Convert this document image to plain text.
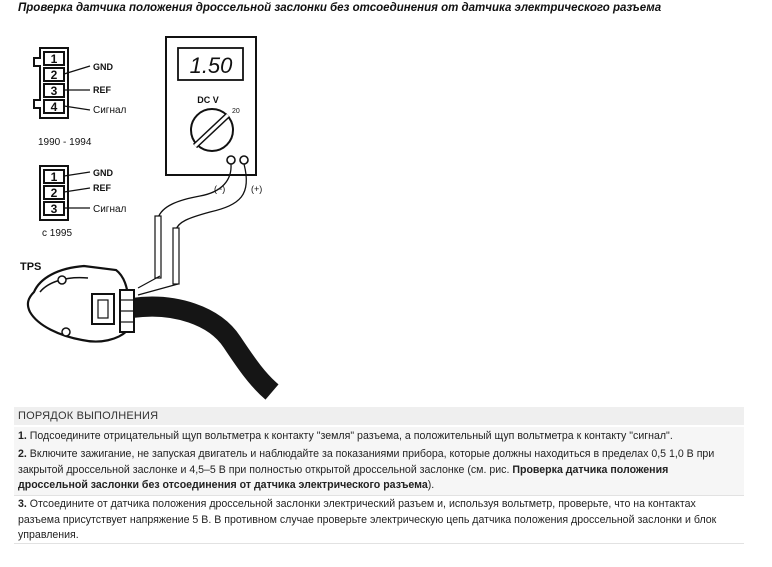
Проверка датчика положения дроссельной заслонки без отсоединения от датчика электрического разъема
1
2
3
4
GND
REF
Сигнал
1990 - 1994
1
2
3
GND
REF
Сигнал
с 1995
1.50
DC V
20
(−)	(+)
TPS
ПОРЯДОК ВЫПОЛНЕНИЯ
1. Подсоедините отрицательный щуп вольтметра к контакту "земля" разъема, а положительный щуп вольтметра к контакту "сигнал".
2. Включите зажигание, не запуская двигатель и наблюдайте за показаниями прибора, которые должны находиться в пределах 0,5 1,0 В при закрытой дроссельной заслонке и 4,5–5 В при полностью открытой дроссельной заслонке (см. рис. Проверка датчика положения дроссельной заслонки без отсоединения от датчика электрического разъема).
3. Отсоедините от датчика положения дроссельной заслонки электрический разъем и, используя вольтметр, проверьте, что на контактах разъема присутствует напряжение 5 В. В противном случае проверьте электрическую цепь датчика положения дроссельной заслонки и блок управления.
